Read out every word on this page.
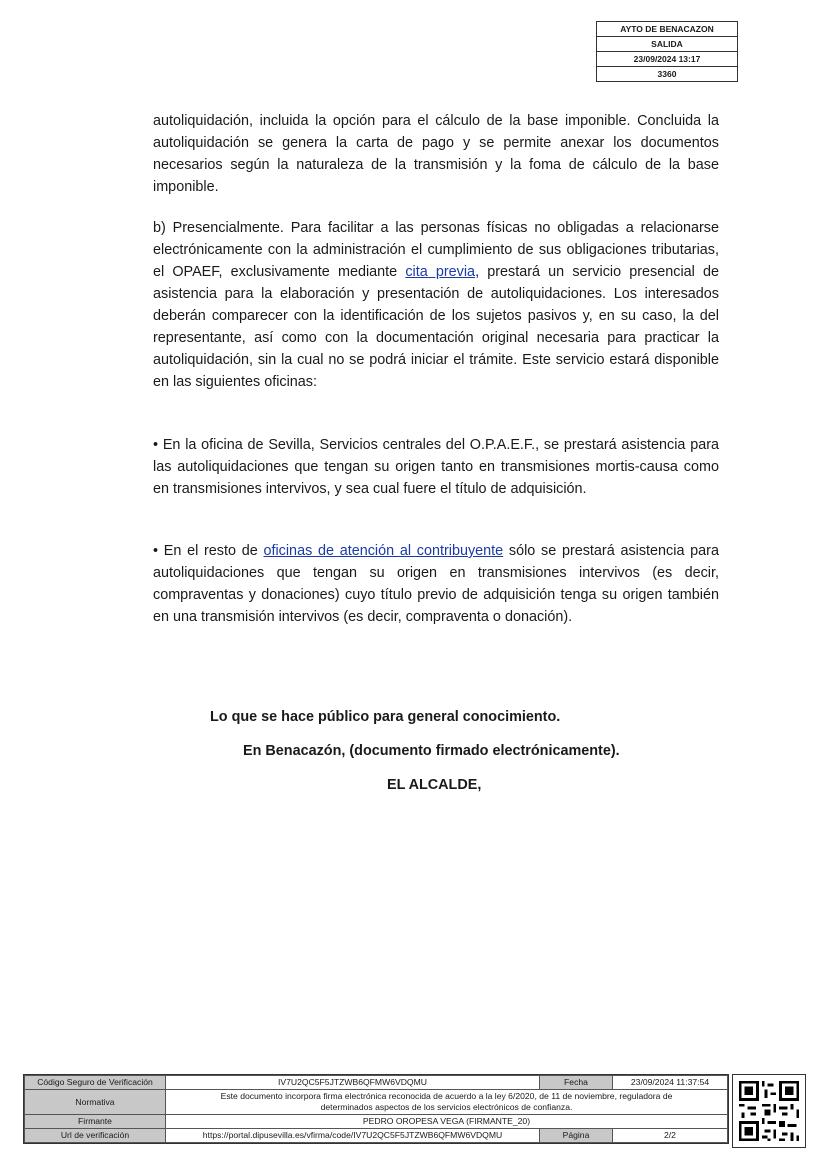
AYTO DE BENACAZON
SALIDA
23/09/2024 13:17
3360

autoliquidación, incluida la opción para el cálculo de la base imponible. Concluida la autoliquidación se genera la carta de pago y se permite anexar los documentos necesarios según la naturaleza de la transmisión y la foma de cálculo de la base imponible.

b) Presencialmente. Para facilitar a las personas físicas no obligadas a relacionarse electrónicamente con la administración el cumplimiento de sus obligaciones tributarias, el OPAEF, exclusivamente mediante cita previa, prestará un servicio presencial de asistencia para la elaboración y presentación de autoliquidaciones. Los interesados deberán comparecer con la identificación de los sujetos pasivos y, en su caso, la del representante, así como con la documentación original necesaria para practicar la autoliquidación, sin la cual no se podrá iniciar el trámite. Este servicio estará disponible en las siguientes oficinas:

• En la oficina de Sevilla, Servicios centrales del O.P.A.E.F., se prestará asistencia para las autoliquidaciones que tengan su origen tanto en transmisiones mortis-causa como en transmisiones intervivos, y sea cual fuere el título de adquisición.

• En el resto de oficinas de atención al contribuyente sólo se prestará asistencia para autoliquidaciones que tengan su origen en transmisiones intervivos (es decir, compraventas y donaciones) cuyo título previo de adquisición tenga su origen también en una transmisión intervivos (es decir, compraventa o donación).

Lo que se hace público para general conocimiento.
En Benacazón, (documento firmado electrónicamente).
EL ALCALDE,
Código Seguro de Verificación	IV7U2QC5F5JTZWB6QFMW6VDQMU	Fecha	23/09/2024 11:37:54
Normativa	Este documento incorpora firma electrónica reconocida de acuerdo a la ley 6/2020, de 11 de noviembre, reguladora de
determinados aspectos de los servicios electrónicos de confianza.		

Firmante	PEDRO OROPESA VEGA (FIRMANTE_20)		
Url de verificación	https://portal.dipusevilla.es/vfirma/code/IV7U2QC5F5JTZWB6QFMW6VDQMU	Página	2/2
